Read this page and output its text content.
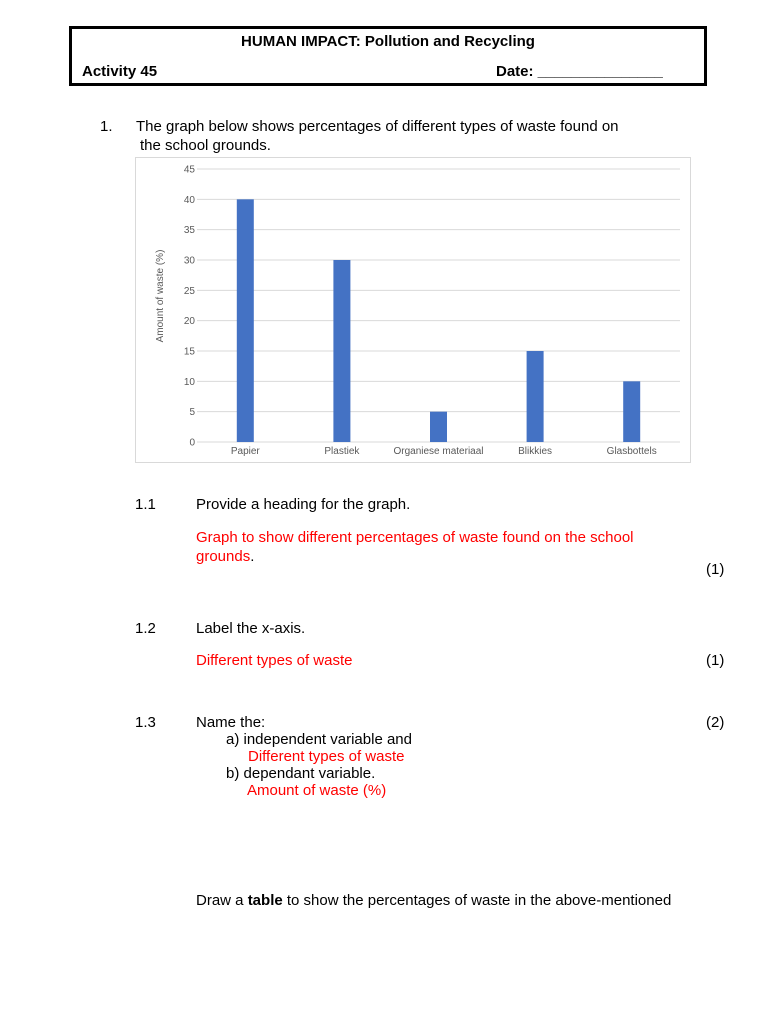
HUMAN IMPACT: Pollution and Recycling
Activity 45	Date: _______________
1. The graph below shows percentages of different types of waste found on
the school grounds.
0
5
10
15
20
25
30
35
40
45
Papier	Plastiek	Organiese materiaal	Blikkies	Glasbottels
Amount of waste (%)
1.1	Provide a heading for the graph.
Graph to show different percentages of waste found on the school
grounds.
(1)
1.2	Label the x-axis.
Different types of waste	(1)
1.3	Name the:	(2)
a) independent variable and
Different types of waste
b) dependant variable.
Amount of waste (%)
Draw a table to show the percentages of waste in the above-mentioned
